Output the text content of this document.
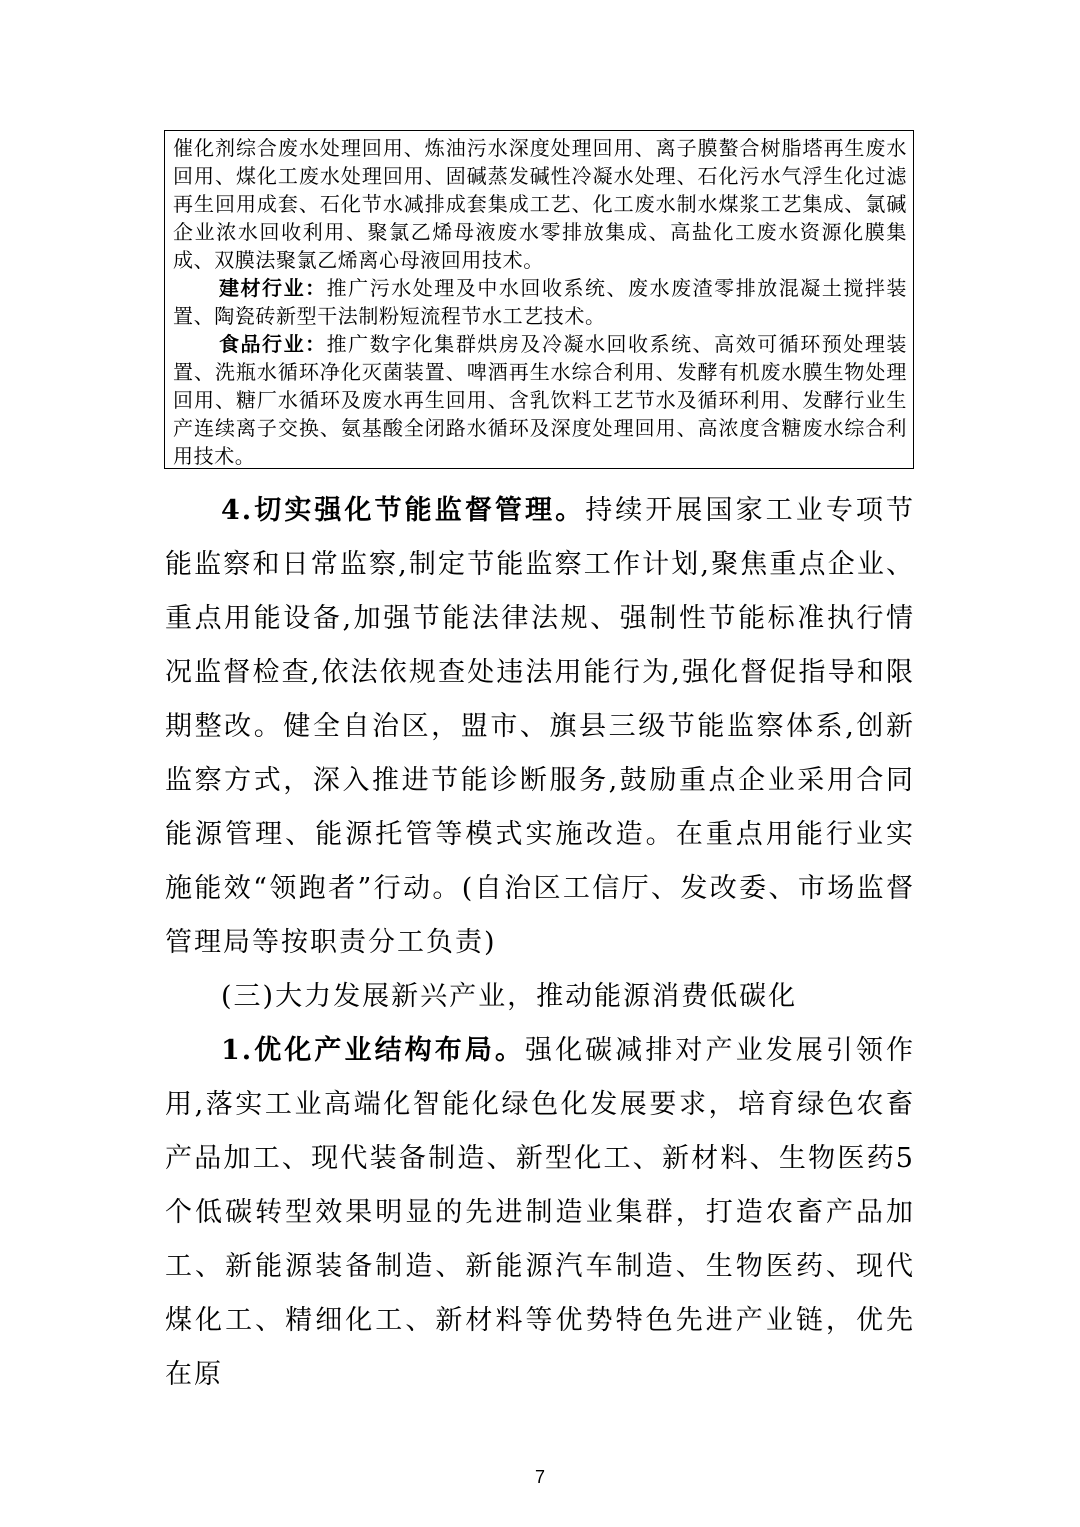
催化剂综合废水处理回用、炼油污水深度处理回用、离子膜螯合树脂塔再生废水回用、煤化工废水处理回用、固碱蒸发碱性冷凝水处理、石化污水气浮生化过滤再生回用成套、石化节水减排成套集成工艺、化工废水制水煤浆工艺集成、氯碱企业浓水回收利用、聚氯乙烯母液废水零排放集成、高盐化工废水资源化膜集成、双膜法聚氯乙烯离心母液回用技术。

建材行业：推广污水处理及中水回收系统、废水废渣零排放混凝土搅拌装置、陶瓷砖新型干法制粉短流程节水工艺技术。

食品行业：推广数字化集群烘房及冷凝水回收系统、高效可循环预处理装置、洗瓶水循环净化灭菌装置、啤酒再生水综合利用、发酵有机废水膜生物处理回用、糖厂水循环及废水再生回用、含乳饮料工艺节水及循环利用、发酵行业生产连续离子交换、氨基酸全闭路水循环及深度处理回用、高浓度含糖废水综合利用技术。

4.切实强化节能监督管理。持续开展国家工业专项节能监察和日常监察,制定节能监察工作计划,聚焦重点企业、重点用能设备,加强节能法律法规、强制性节能标准执行情况监督检查,依法依规查处违法用能行为,强化督促指导和限期整改。健全自治区，盟市、旗县三级节能监察体系,创新监察方式，深入推进节能诊断服务,鼓励重点企业采用合同能源管理、能源托管等模式实施改造。在重点用能行业实施能效“领跑者”行动。(自治区工信厅、发改委、市场监督管理局等按职责分工负责)

(三)大力发展新兴产业，推动能源消费低碳化

1.优化产业结构布局。强化碳减排对产业发展引领作用,落实工业高端化智能化绿色化发展要求，培育绿色农畜产品加工、现代装备制造、新型化工、新材料、生物医药5个低碳转型效果明显的先进制造业集群，打造农畜产品加工、新能源装备制造、新能源汽车制造、生物医药、现代煤化工、精细化工、新材料等优势特色先进产业链，优先在原

7
